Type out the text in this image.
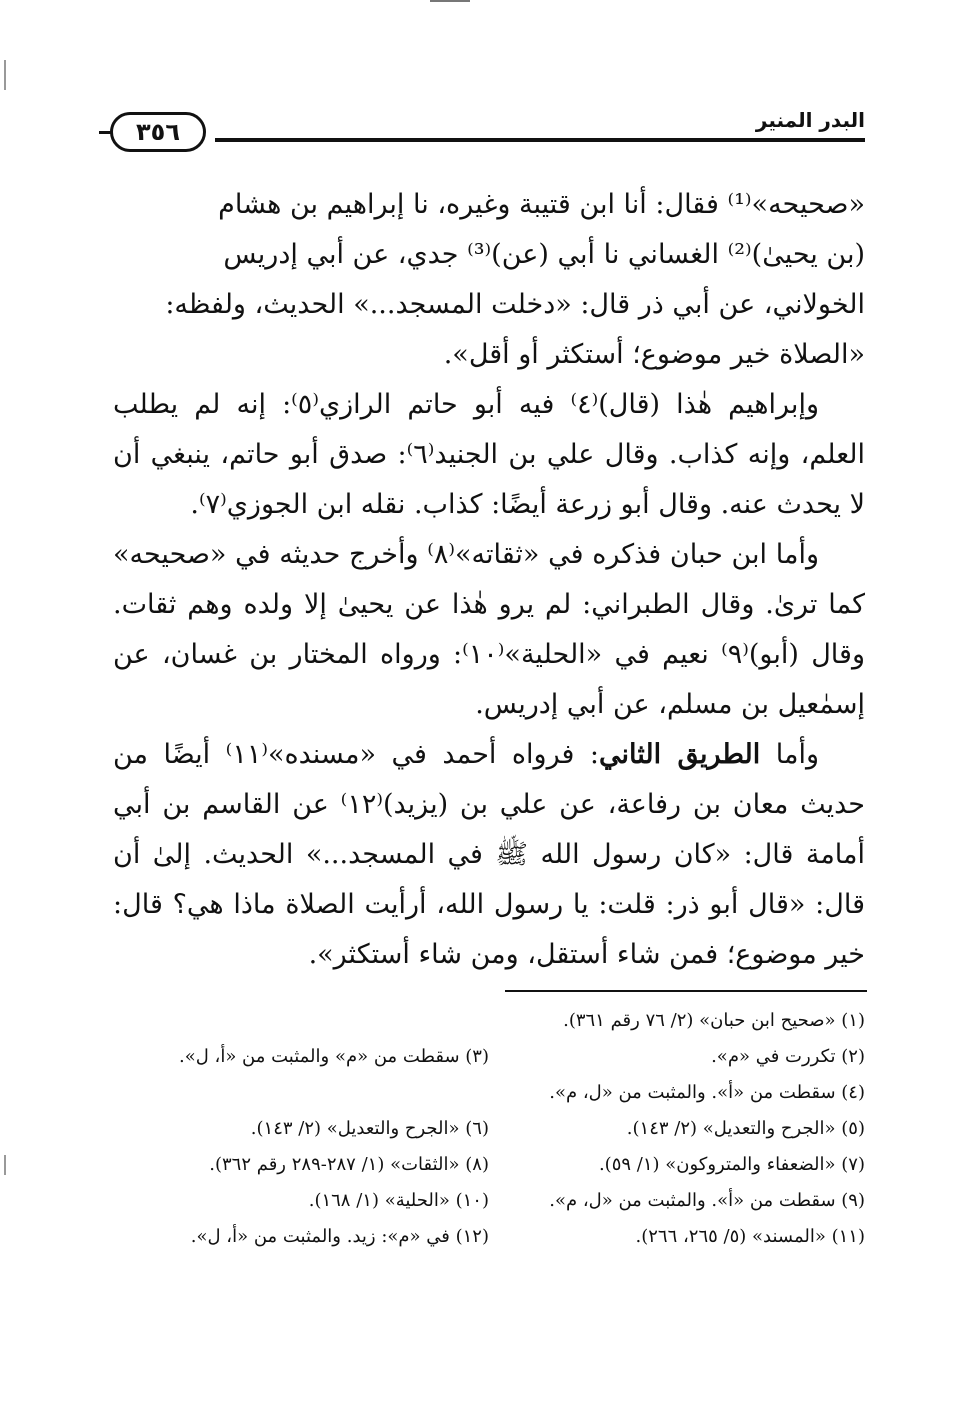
البدر المنير
٣٥٦

«صحيحه»⁽¹⁾ فقال: أنا ابن قتيبة وغيره، نا إبراهيم بن هشام

(بن يحيىٰ)⁽²⁾ الغساني نا أبي (عن)⁽³⁾ جدي، عن أبي إدريس

الخولاني، عن أبي ذر قال: «دخلت المسجد...» الحديث، ولفظه:

«الصلاة خير موضوع؛ أستكثر أو أقل».

وإبراهيم هٰذا (قال)⁽٤⁾ فيه أبو حاتم الرازي⁽٥⁾: إنه لم يطلب العلم، وإنه كذاب. وقال علي بن الجنيد⁽٦⁾: صدق أبو حاتم، ينبغي أن لا يحدث عنه. وقال أبو زرعة أيضًا: كذاب. نقله ابن الجوزي⁽٧⁾.

وأما ابن حبان فذكره في «ثقاته»⁽٨⁾ وأخرج حديثه في «صحيحه» كما ترىٰ. وقال الطبراني: لم يرو هٰذا عن يحيىٰ إلا ولده وهم ثقات. وقال (أبو)⁽٩⁾ نعيم في «الحلية»⁽١٠⁾: ورواه المختار بن غسان، عن إسمٰعيل بن مسلم، عن أبي إدريس.

وأما الطريق الثاني: فرواه أحمد في «مسنده»⁽١١⁾ أيضًا من حديث معان بن رفاعة، عن علي بن (يزيد)⁽١٢⁾ عن القاسم بن أبي أمامة قال: «كان رسول الله ﷺ في المسجد...» الحديث. إلىٰ أن قال: «قال أبو ذر: قلت: يا رسول الله، أرأيت الصلاة ماذا هي؟ قال: خير موضوع؛ فمن شاء أستقل، ومن شاء أستكثر».

(١) «صحيح ابن حبان» (٢/ ٧٦ رقم ٣٦١).
(٢) تكررت في «م».
(٣) سقطت من «م» والمثبت من «أ، ل».
(٤) سقطت من «أ». والمثبت من «ل، م».
(٥) «الجرح والتعديل» (٢/ ١٤٣).
(٦) «الجرح والتعديل» (٢/ ١٤٣).
(٧) «الضعفاء والمتروكون» (١/ ٥٩).
(٨) «الثقات» (١/ ٢٨٧-٢٨٩ رقم ٣٦٢).
(٩) سقطت من «أ». والمثبت من «ل، م».
(١٠) «الحلية» (١/ ١٦٨).
(١١) «المسند» (٥/ ٢٦٥، ٢٦٦).
(١٢) في «م»: زيد. والمثبت من «أ، ل».
